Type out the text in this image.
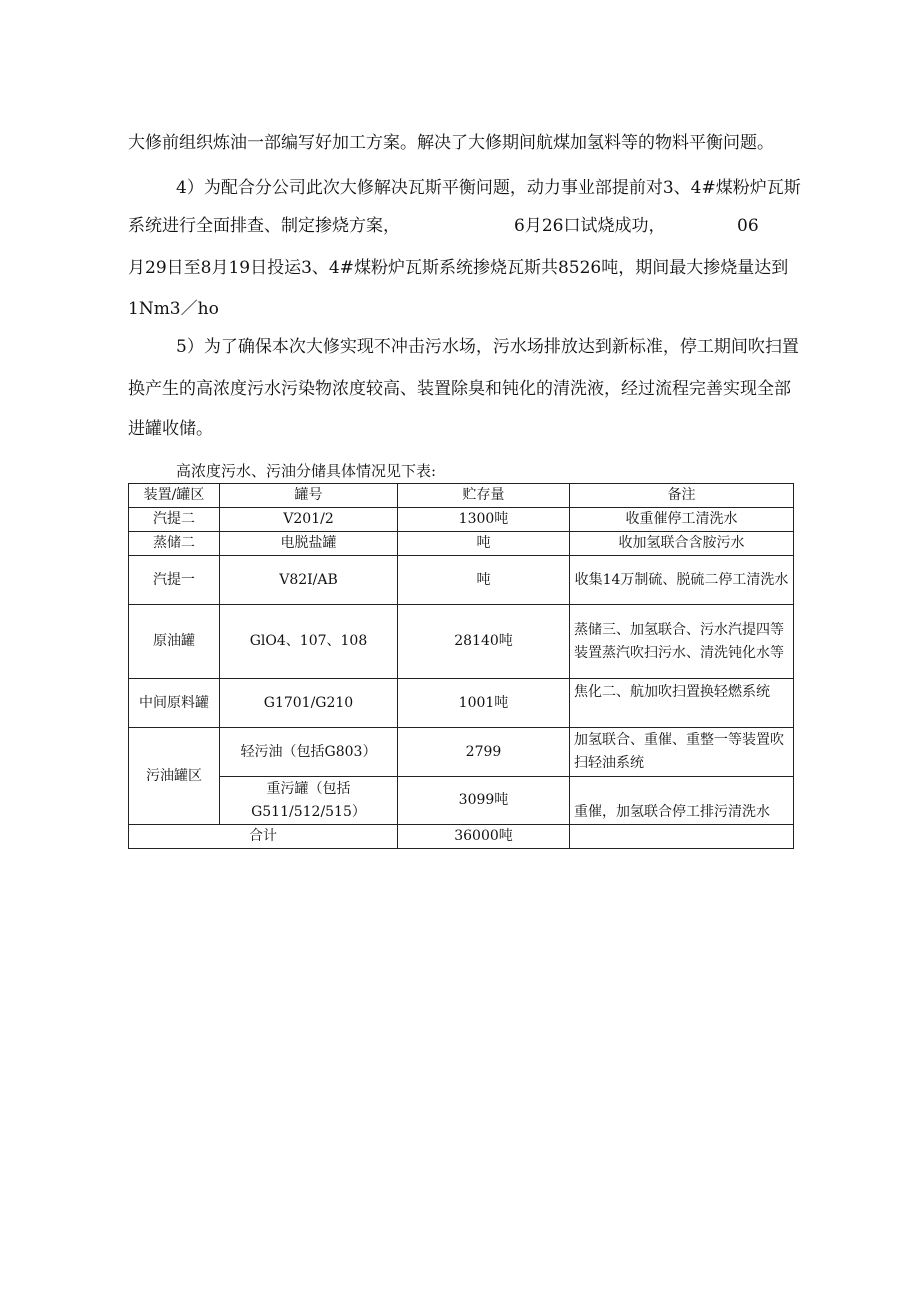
大修前组织炼油一部编写好加工方案。解决了大修期间航煤加氢料等的物料平衡问题。
4）为配合分公司此次大修解决瓦斯平衡问题，动力事业部提前对3、4#煤粉炉瓦斯
系统进行全面排查、制定掺烧方案，	6月26口试烧成功，	06
月29日至8月19日投运3、4#煤粉炉瓦斯系统掺烧瓦斯共8526吨，期间最大掺烧量达到
1Nm3／ho
5）为了确保本次大修实现不冲击污水场，污水场排放达到新标准，停工期间吹扫置
换产生的高浓度污水污染物浓度较高、装置除臭和钝化的清洗液，经过流程完善实现全部
进罐收储。
高浓度污水、污油分储具体情况见下表:
装置/罐区	罐号	贮存量	备注
汽提二	V201/2	1300吨	收重催停工清洗水
蒸储二	电脱盐罐	吨	收加氢联合含胺污水
汽提一	V82I/AB	吨	收集14万制硫、脱硫二停工清洗水
原油罐	GlO4、107、108	28140吨	蒸储三、加氢联合、污水汽提四等装置蒸汽吹扫污水、清洗钝化水等
中间原料罐	G1701/G210	1001吨	焦化二、航加吹扫置换轻燃系统
污油罐区	轻污油（包括G803）	2799	加氢联合、重催、重整一等装置吹扫轻油系统
	重污罐（包括G511/512/515）	3099吨	重催，加氢联合停工排污清洗水
合计		36000吨	
